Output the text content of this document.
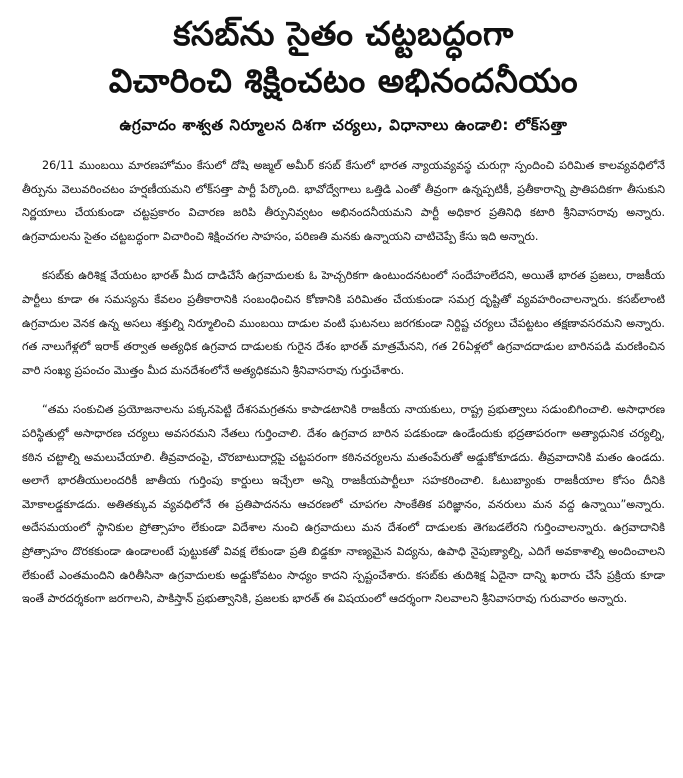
కసబ్‌ను సైతం చట్టబద్ధంగా
విచారించి శిక్షించటం అభినందనీయం
ఉగ్రవాదం శాశ్వత నిర్మూలన దిశగా చర్యలు, విధానాలు ఉండాలి: లోక్‌సత్తా

26/11 ముంబయి మారణహోమం కేసులో దోషి అజ్మల్ అమీర్ కసబ్ కేసులో భారత న్యాయవ్యవస్థ చురుగ్గా స్పందించి పరిమిత కాలవ్యవధిలోనే తీర్పును వెలువరించటం హర్షణీయమని లోక్‌సత్తా పార్టీ పేర్కొంది. భావోద్వేగాలు ఒత్తిడి ఎంతో తీవ్రంగా ఉన్నప్పటికీ, ప్రతీకారాన్ని ప్రాతిపదికగా తీసుకుని నిర్ణయాలు చేయకుండా చట్టప్రకారం విచారణ జరిపి తీర్పునివ్వటం అభినందనీయమని పార్టీ అధికార ప్రతినిధి కటారి శ్రీనివాసరావు అన్నారు. ఉగ్రవాదులను సైతం చట్టబద్ధంగా విచారించి శిక్షించగల సాహసం, పరిణతి మనకు ఉన్నాయని చాటిచెప్పే కేసు ఇది అన్నారు.

కసబ్‌కు ఉరిశిక్ష వేయటం భారత్ మీద దాడిచేసే ఉగ్రవాదులకు ఓ హెచ్చరికగా ఉంటుందనటంలో సందేహంలేదని, అయితే భారత ప్రజలు, రాజకీయ పార్టీలు కూడా ఈ సమస్యను కేవలం ప్రతీకారానికి సంబంధించిన కోణానికి పరిమితం చేయకుండా సమగ్ర దృష్టితో వ్యవహరించాలన్నారు. కసబ్‌లాంటి ఉగ్రవాదుల వెనక ఉన్న అసలు శక్తుల్ని నిర్మూలించి ముంబయి దాడుల వంటి ఘటనలు జరగకుండా నిర్దిష్ట చర్యలు చేపట్టటం తక్షణావసరమని అన్నారు. గత నాలుగేళ్లలో ఇరాక్ తర్వాత అత్యధిక ఉగ్రవాద దాడులకు గురైన దేశం భారత్ మాత్రమేనని, గత 26ఏళ్లలో ఉగ్రవాదదాడుల బారినపడి మరణించిన వారి సంఖ్య ప్రపంచం మొత్తం మీద మనదేశంలోనే అత్యధికమని శ్రీనివాసరావు గుర్తుచేశారు.

“తమ సంకుచిత ప్రయోజనాలను పక్కనపెట్టి దేశసమగ్రతను కాపాడటానికి రాజకీయ నాయకులు, రాష్ట్ర ప్రభుత్వాలు సడుంబిగించాలి. అసాధారణ పరిస్థితుల్లో అసాధారణ చర్యలు అవసరమని నేతలు గుర్తించాలి. దేశం ఉగ్రవాద బారిన పడకుండా ఉండేందుకు భద్రతాపరంగా అత్యాధునిక చర్యల్ని, కఠిన చట్టాల్ని అమలుచేయాలి. తీవ్రవాదంపై, చొరబాటుదార్లపై చట్టపరంగా కఠినచర్యలను మతంపేరుతో అడ్డుకోకూడదు. తీవ్రవాదానికి మతం ఉండదు. అలాగే భారతీయులందరికీ జాతీయ గుర్తింపు కార్డులు ఇచ్చేలా అన్ని రాజకీయపార్టీలూ సహకరించాలి. ఓటుబ్యాంకు రాజకీయాల కోసం దీనికి మోకాలడ్డకూడదు. అతితక్కువ వ్యవధిలోనే ఈ ప్రతిపాదనను ఆచరణలో చూపగల సాంకేతిక పరిజ్ఞానం, వనరులు మన వద్ద ఉన్నాయి”అన్నారు. అదేసమయంలో స్థానికుల ప్రోత్సాహం లేకుండా విదేశాల నుంచి ఉగ్రవాదులు మన దేశంలో దాడులకు తెగబడలేరని గుర్తించాలన్నారు. ఉగ్రవాదానికి ప్రోత్సాహం దొరకకుండా ఉండాలంటే పుట్టుకతో వివక్ష లేకుండా ప్రతి బిడ్డకూ నాణ్యమైన విద్యను, ఉపాధి నైపుణ్యాల్ని, ఎదిగే అవకాశాల్ని అందించాలని లేకుంటే ఎంతమందిని ఉరితీసినా ఉగ్రవాదులకు అడ్డుకోవటం సాధ్యం కాదని స్పష్టంచేశారు. కసబ్‌కు తుదిశిక్ష ఏదైనా దాన్ని ఖరారు చేసే ప్రక్రియ కూడా ఇంతే పారదర్శకంగా జరగాలని, పాకిస్తాన్ ప్రభుత్వానికి, ప్రజలకు భారత్ ఈ విషయంలో ఆదర్శంగా నిలవాలని శ్రీనివాసరావు గురువారం అన్నారు.
